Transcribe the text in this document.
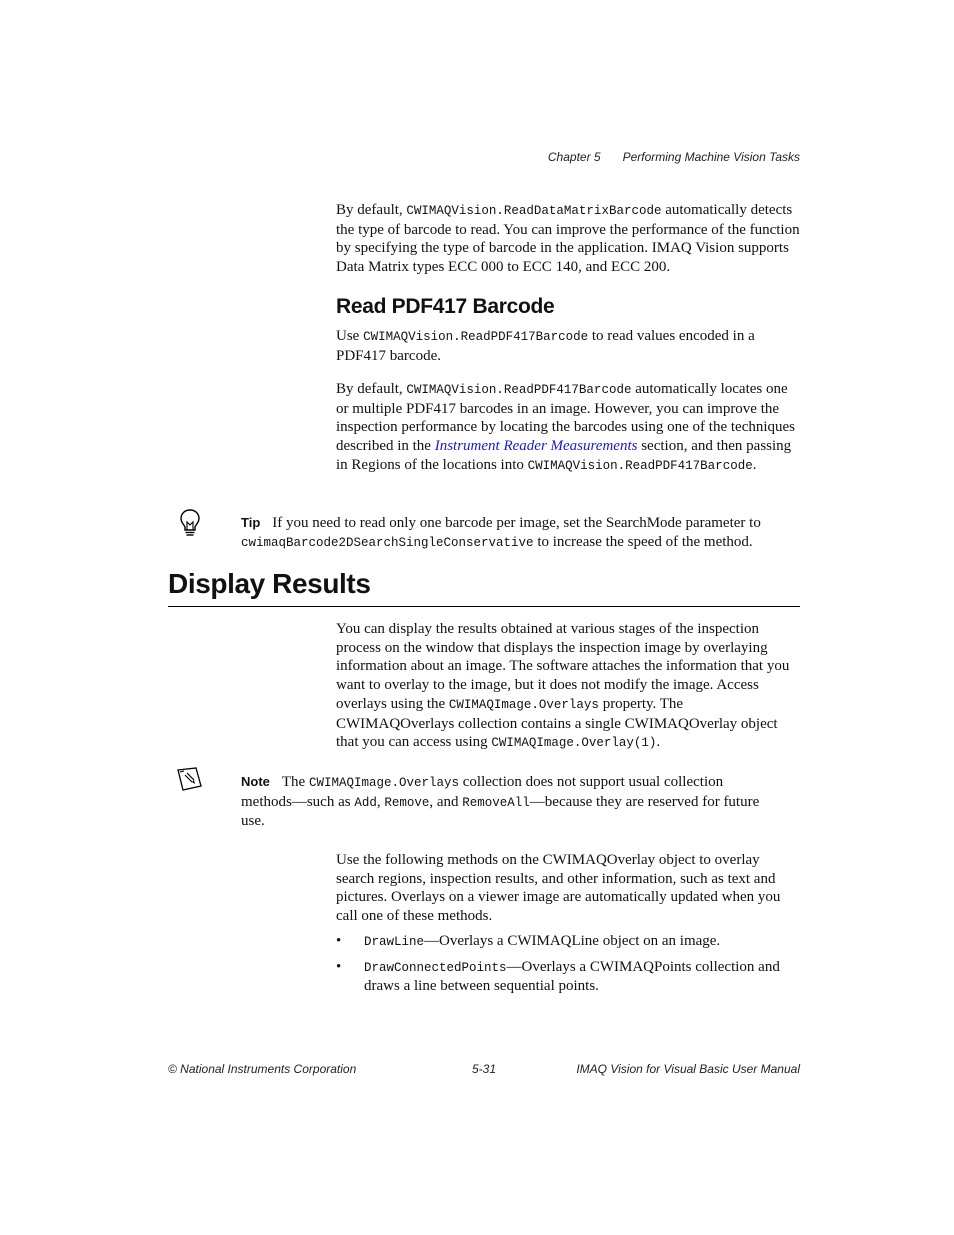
Chapter 5 Performing Machine Vision Tasks

By default, CWIMAQVision.ReadDataMatrixBarcode automatically detects the type of barcode to read. You can improve the performance of the function by specifying the type of barcode in the application. IMAQ Vision supports Data Matrix types ECC 000 to ECC 140, and ECC 200.

Read PDF417 Barcode

Use CWIMAQVision.ReadPDF417Barcode to read values encoded in a PDF417 barcode.

By default, CWIMAQVision.ReadPDF417Barcode automatically locates one or multiple PDF417 barcodes in an image. However, you can improve the inspection performance by locating the barcodes using one of the techniques described in the Instrument Reader Measurements section, and then passing in Regions of the locations into CWIMAQVision.ReadPDF417Barcode.

Tip If you need to read only one barcode per image, set the SearchMode parameter to cwimaqBarcode2DSearchSingleConservative to increase the speed of the method.

Display Results

You can display the results obtained at various stages of the inspection process on the window that displays the inspection image by overlaying information about an image. The software attaches the information that you want to overlay to the image, but it does not modify the image. Access overlays using the CWIMAQImage.Overlays property. The CWIMAQOverlays collection contains a single CWIMAQOverlay object that you can access using CWIMAQImage.Overlay(1).

Note The CWIMAQImage.Overlays collection does not support usual collection methods—such as Add, Remove, and RemoveAll—because they are reserved for future use.

Use the following methods on the CWIMAQOverlay object to overlay search regions, inspection results, and other information, such as text and pictures. Overlays on a viewer image are automatically updated when you call one of these methods.
• DrawLine—Overlays a CWIMAQLine object on an image.
• DrawConnectedPoints—Overlays a CWIMAQPoints collection and draws a line between sequential points.
© National Instruments Corporation	5-31	IMAQ Vision for Visual Basic User Manual
